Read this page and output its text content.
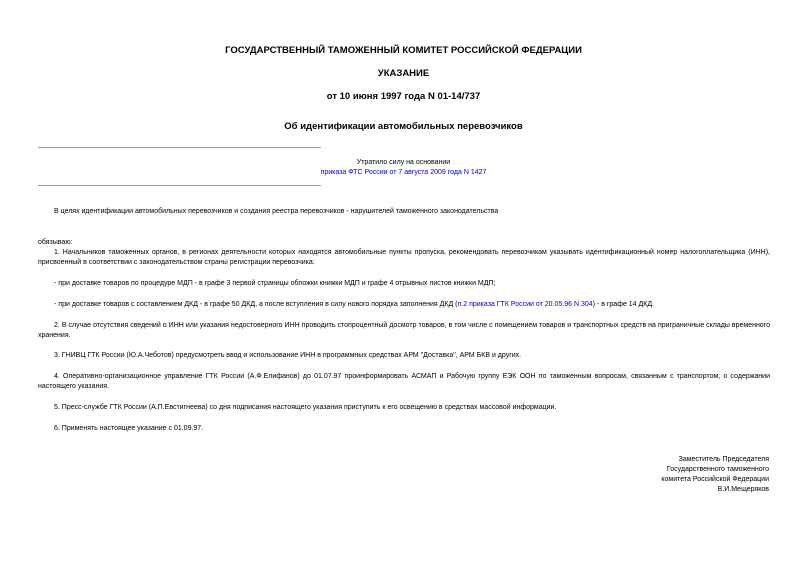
ГОСУДАРСТВЕННЫЙ ТАМОЖЕННЫЙ КОМИТЕТ РОССИЙСКОЙ ФЕДЕРАЦИИ
УКАЗАНИЕ
от 10 июня 1997 года N 01-14/737
Об идентификации автомобильных перевозчиков
Утратило силу на основании
приказа ФТС России от 7 августа 2009 года N 1427
В целях идентификации автомобильных перевозчиков и создания реестра перевозчиков - нарушителей таможенного законодательства
обязываю:
1. Начальников таможенных органов, в регионах деятельности которых находятся автомобильные пункты пропуска, рекомендовать перевозчикам указывать идентификационный номер налогоплательщика (ИНН), присвоенный в соответствии с законодательством страны регистрации перевозчика:
- при доставке товаров по процедуре МДП - в графе 3 первой страницы обложки книжки МДП и графе 4 отрывных листов книжки МДП;
- при доставке товаров с составлением ДКД - в графе 50 ДКД, а после вступления в силу нового порядка заполнения ДКД (п.2 приказа ГТК России от 20.05.96 N 304) - в графе 14 ДКД.
2. В случае отсутствия сведений о ИНН или указания недостоверного ИНН проводить стопроцентный досмотр товаров, в том числе с помещением товаров и транспортных средств на приграничные склады временного хранения.
3. ГНИВЦ ГТК России (Ю.А.Чеботов) предусмотреть ввод и использование ИНН в программных средствах АРМ "Доставка", АРМ БКВ и других.
4. Оперативно-организационное управление ГТК России (А.Ф.Елифанов) до 01.07.97 проинформировать АСМАП и Рабочую группу ЕЭК ООН по таможенным вопросам, связанным с транспортом, о содержании настоящего указания.
5. Пресс-службе ГТК России (А.П.Евстигнеева) со дня подписания настоящего указания приступить к его освещению в средствах массовой информации.
6. Применять настоящее указание с 01.09.97.
Заместитель Председателя
Государственного таможенного
комитета Российской Федерации
В.И.Мещеряков
